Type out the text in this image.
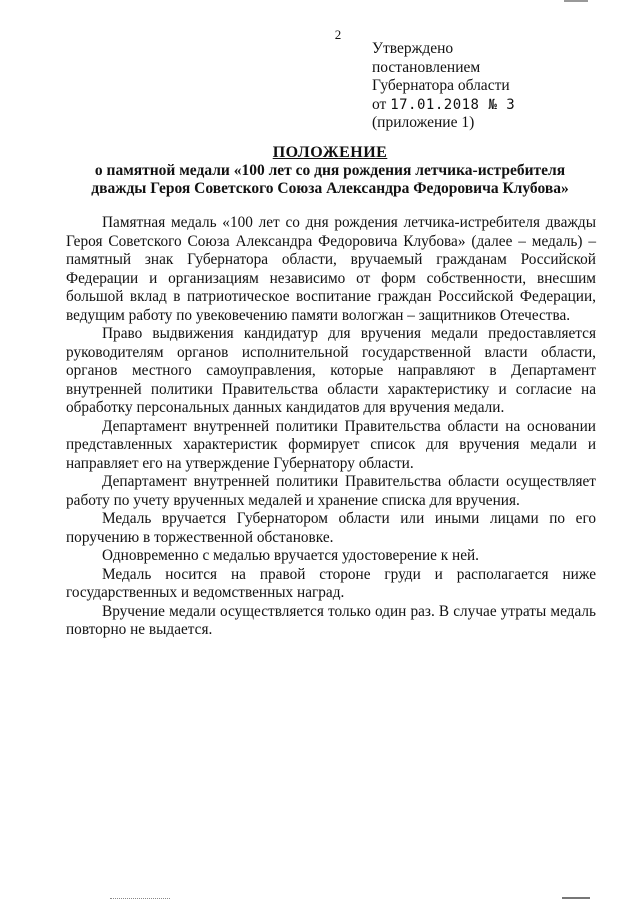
2
Утверждено
постановлением
Губернатора области
от 17.01.2018 № 3
(приложение 1)
ПОЛОЖЕНИЕ
о памятной медали «100 лет со дня рождения летчика-истребителя
дважды Героя Советского Союза Александра Федоровича Клубова»

Памятная медаль «100 лет со дня рождения летчика-истребителя дважды Героя Советского Союза Александра Федоровича Клубова» (далее – медаль) – памятный знак Губернатора области, вручаемый гражданам Российской Федерации и организациям независимо от форм собственности, внесшим большой вклад в патриотическое воспитание граждан Российской Федерации, ведущим работу по увековечению памяти вологжан – защитников Отечества.

Право выдвижения кандидатур для вручения медали предоставляется руководителям органов исполнительной государственной власти области, органов местного самоуправления, которые направляют в Департамент внутренней политики Правительства области характеристику и согласие на обработку персональных данных кандидатов для вручения медали.

Департамент внутренней политики Правительства области на основании представленных характеристик формирует список для вручения медали и направляет его на утверждение Губернатору области.

Департамент внутренней политики Правительства области осуществляет работу по учету врученных медалей и хранение списка для вручения.

Медаль вручается Губернатором области или иными лицами по его поручению в торжественной обстановке.

Одновременно с медалью вручается удостоверение к ней.

Медаль носится на правой стороне груди и располагается ниже государственных и ведомственных наград.

Вручение медали осуществляется только один раз. В случае утраты медаль повторно не выдается.
